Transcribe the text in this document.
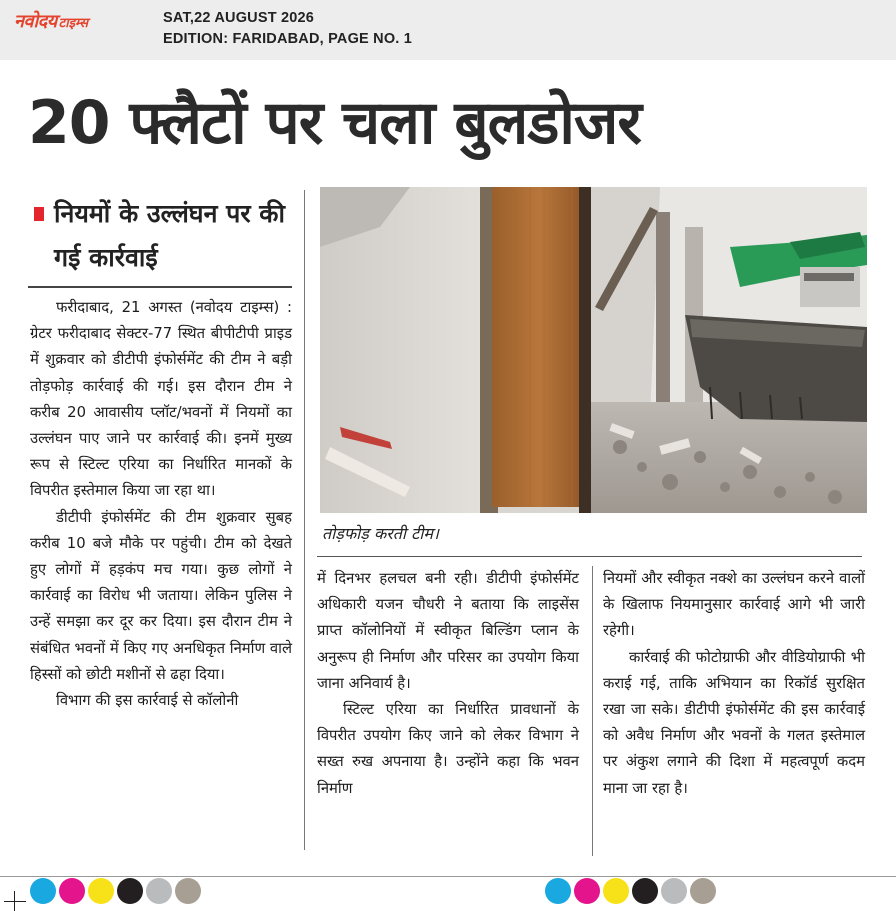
नवोदय टाइम्स	SAT,22 AUGUST 2026
EDITION: FARIDABAD, PAGE NO. 1
20 फ्लैटों पर चला बुलडोजर
नियमों के उल्लंघन पर की गई कार्रवाई

फरीदाबाद, 21 अगस्त (नवोदय टाइम्स) : ग्रेटर फरीदाबाद सेक्टर-77 स्थित बीपीटीपी प्राइड में शुक्रवार को डीटीपी इंफोर्समेंट की टीम ने बड़ी तोड़फोड़ कार्रवाई की गई। इस दौरान टीम ने करीब 20 आवासीय प्लॉट/भवनों में नियमों का उल्लंघन पाए जाने पर कार्रवाई की। इनमें मुख्य रूप से स्टिल्ट एरिया का निर्धारित मानकों के विपरीत इस्तेमाल किया जा रहा था।

डीटीपी इंफोर्समेंट की टीम शुक्रवार सुबह करीब 10 बजे मौके पर पहुंची। टीम को देखते हुए लोगों में हड़कंप मच गया। कुछ लोगों ने कार्रवाई का विरोध भी जताया। लेकिन पुलिस ने उन्हें समझा कर दूर कर दिया। इस दौरान टीम ने संबंधित भवनों में किए गए अनधिकृत निर्माण वाले हिस्सों को छोटी मशीनों से ढहा दिया।

विभाग की इस कार्रवाई से कॉलोनी

तोड़फोड़ करती टीम।

में दिनभर हलचल बनी रही। डीटीपी इंफोर्समेंट अधिकारी यजन चौधरी ने बताया कि लाइसेंस प्राप्त कॉलोनियों में स्वीकृत बिल्डिंग प्लान के अनुरूप ही निर्माण और परिसर का उपयोग किया जाना अनिवार्य है।

स्टिल्ट एरिया का निर्धारित प्रावधानों के विपरीत उपयोग किए जाने को लेकर विभाग ने सख्त रुख अपनाया है। उन्होंने कहा कि भवन निर्माण

नियमों और स्वीकृत नक्शे का उल्लंघन करने वालों के खिलाफ नियमानुसार कार्रवाई आगे भी जारी रहेगी।

कार्रवाई की फोटोग्राफी और वीडियोग्राफी भी कराई गई, ताकि अभियान का रिकॉर्ड सुरक्षित रखा जा सके। डीटीपी इंफोर्समेंट की इस कार्रवाई को अवैध निर्माण और भवनों के गलत इस्तेमाल पर अंकुश लगाने की दिशा में महत्वपूर्ण कदम माना जा रहा है।
